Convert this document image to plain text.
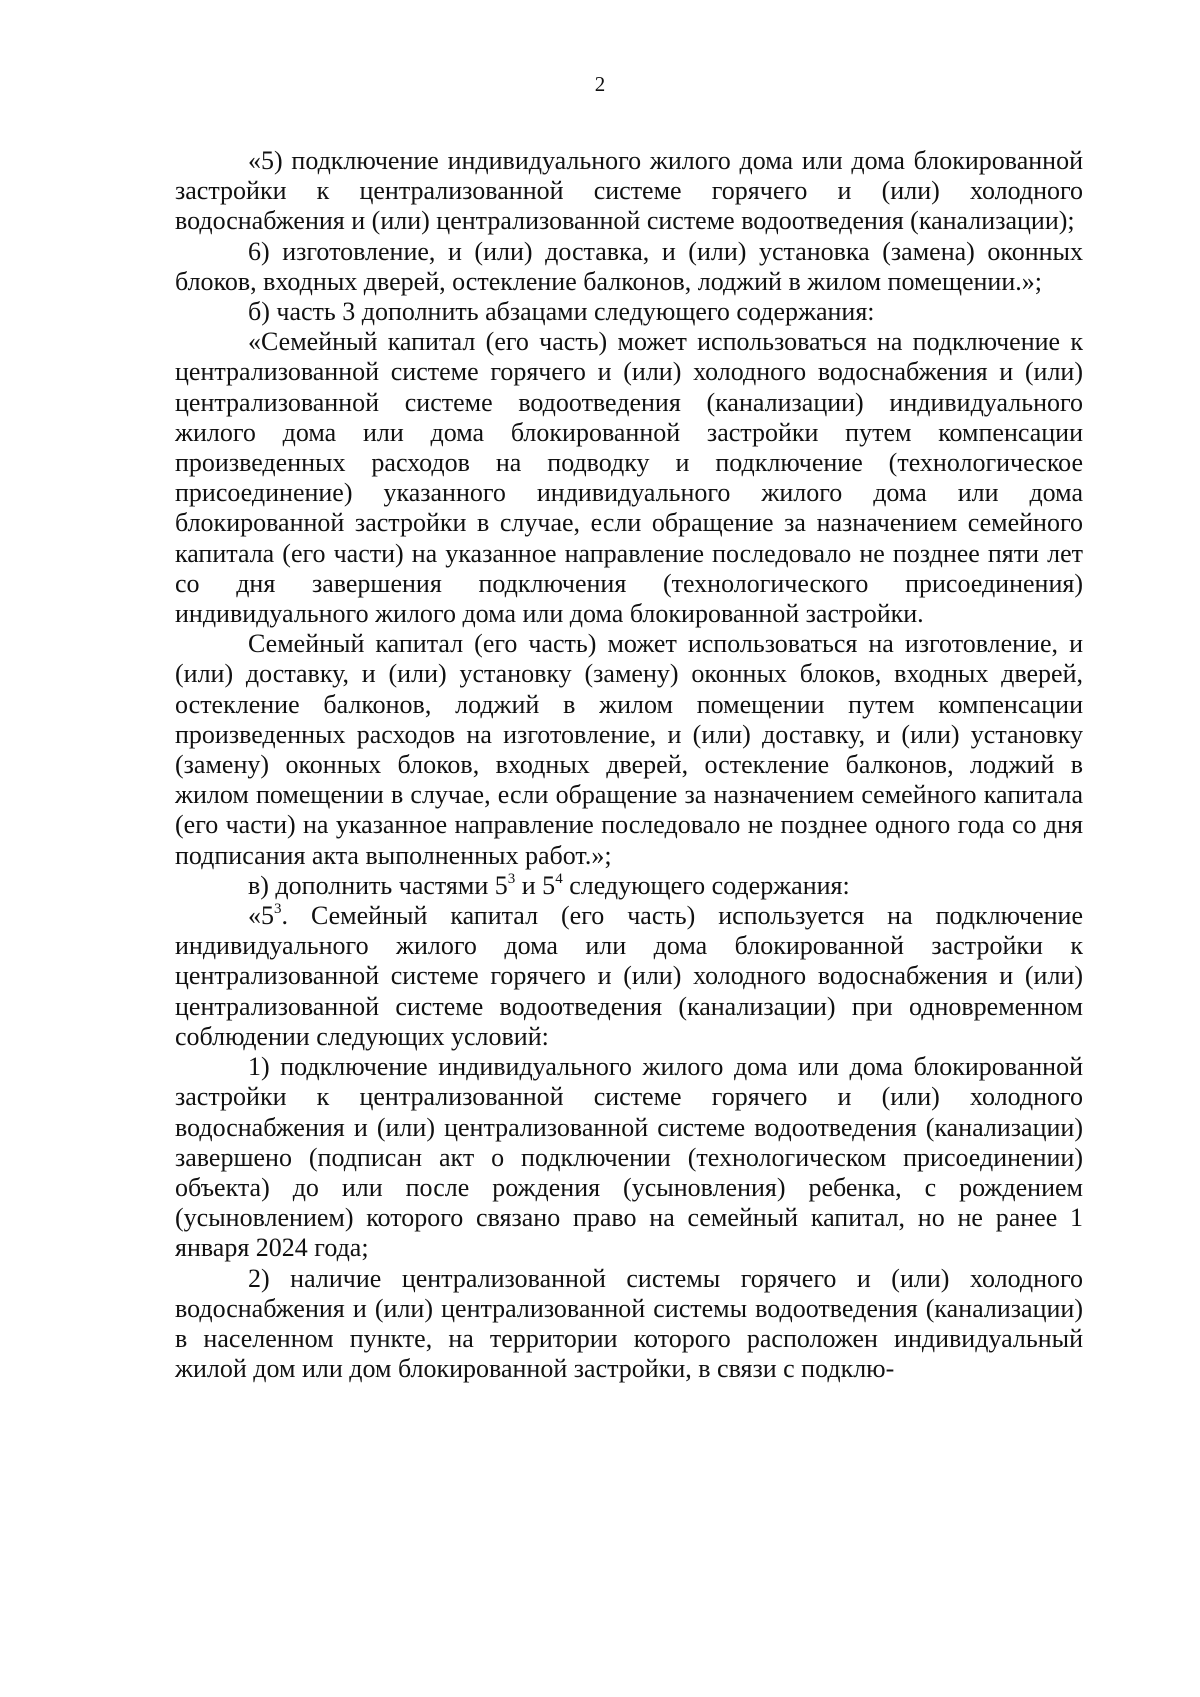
2

«5) подключение индивидуального жилого дома или дома блокированной застройки к централизованной системе горячего и (или) холодного водоснабжения и (или) централизованной системе водоотведения (канализации);

6) изготовление, и (или) доставка, и (или) установка (замена) оконных блоков, входных дверей, остекление балконов, лоджий в жилом помещении.»;

б) часть 3 дополнить абзацами следующего содержания:

«Семейный капитал (его часть) может использоваться на подключение к централизованной системе горячего и (или) холодного водоснабжения и (или) централизованной системе водоотведения (канализации) индивидуального жилого дома или дома блокированной застройки путем компенсации произведенных расходов на подводку и подключение (технологическое присоединение) указанного индивидуального жилого дома или дома блокированной застройки в случае, если обращение за назначением семейного капитала (его части) на указанное направление последовало не позднее пяти лет со дня завершения подключения (технологического присоединения) индивидуального жилого дома или дома блокированной застройки.

Семейный капитал (его часть) может использоваться на изготовление, и (или) доставку, и (или) установку (замену) оконных блоков, входных дверей, остекление балконов, лоджий в жилом помещении путем компенсации произведенных расходов на изготовление, и (или) доставку, и (или) установку (замену) оконных блоков, входных дверей, остекление балконов, лоджий в жилом помещении в случае, если обращение за назначением семейного капитала (его части) на указанное направление последовало не позднее одного года со дня подписания акта выполненных работ.»;

в) дополнить частями $5^3$ и $5^4$ следующего содержания:

«$5^3$. Семейный капитал (его часть) используется на подключение индивидуального жилого дома или дома блокированной застройки к централизованной системе горячего и (или) холодного водоснабжения и (или) централизованной системе водоотведения (канализации) при одновременном соблюдении следующих условий:

1) подключение индивидуального жилого дома или дома блокированной застройки к централизованной системе горячего и (или) холодного водоснабжения и (или) централизованной системе водоотведения (канализации) завершено (подписан акт о подключении (технологическом присоединении) объекта) до или после рождения (усыновления) ребенка, с рождением (усыновлением) которого связано право на семейный капитал, но не ранее 1 января 2024 года;

2) наличие централизованной системы горячего и (или) холодного водоснабжения и (или) централизованной системы водоотведения (канализации) в населенном пункте, на территории которого расположен индивидуальный жилой дом или дом блокированной застройки, в связи с подклю-
